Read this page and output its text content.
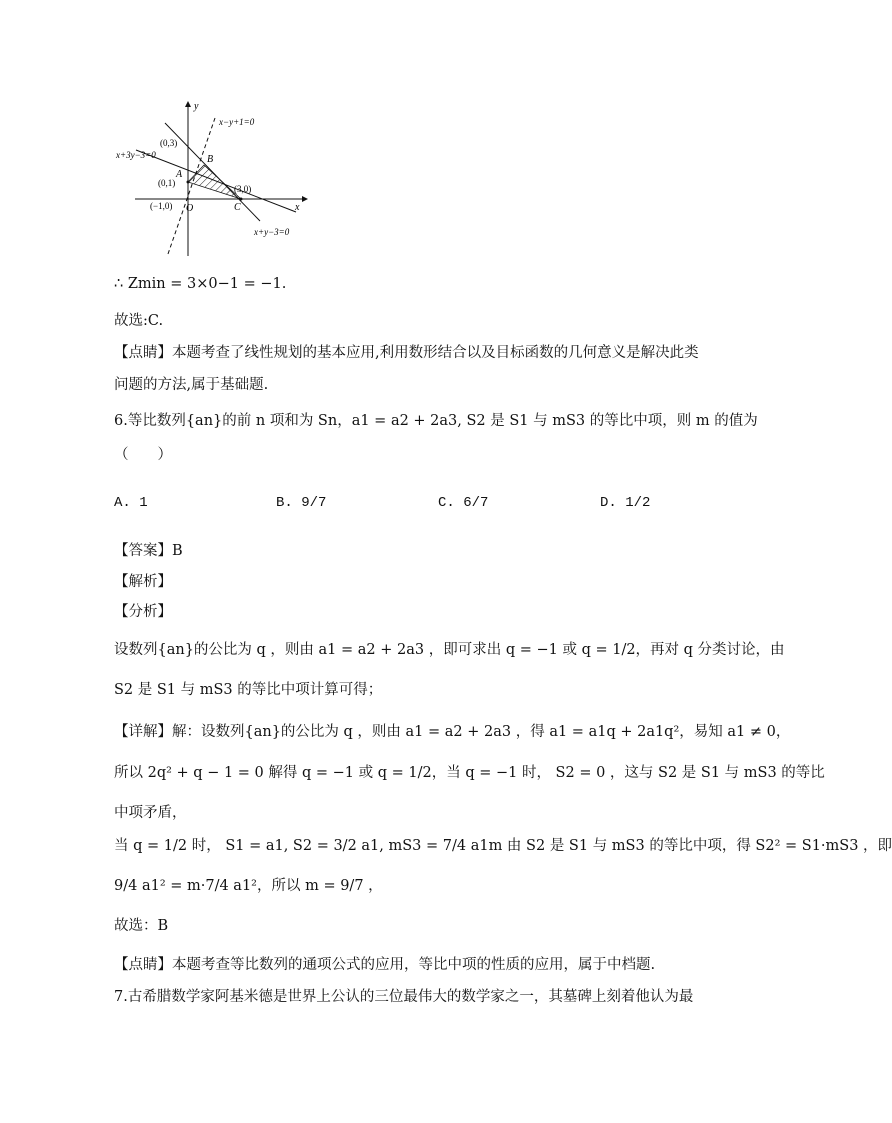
y
x
O
x−y+1=0
x+3y−3=0
x+y−3=0
(0,3)
(0,1)
(−1,0)
(3,0)
A
B
C
∴ Zmin = 3×0−1 = −1.
故选:C.
【点睛】本题考查了线性规划的基本应用,利用数形结合以及目标函数的几何意义是解决此类
问题的方法,属于基础题.
6.等比数列{an}的前 n 项和为 Sn，a1 = a2 + 2a3, S2 是 S1 与 mS3 的等比中项，则 m 的值为
（　　）
A. 1	B. 9/7	C. 6/7	D. 1/2
【答案】B
【解析】
【分析】
设数列{an}的公比为 q ，则由 a1 = a2 + 2a3 ，即可求出 q = −1 或 q = 1/2，再对 q 分类讨论，由
S2 是 S1 与 mS3 的等比中项计算可得；
【详解】解：设数列{an}的公比为 q ，则由 a1 = a2 + 2a3 ，得 a1 = a1q + 2a1q²，易知 a1 ≠ 0，
所以 2q² + q − 1 = 0 解得 q = −1 或 q = 1/2，当 q = −1 时， S2 = 0 ，这与 S2 是 S1 与 mS3 的等比
中项矛盾，
当 q = 1/2 时， S1 = a1, S2 = 3/2 a1, mS3 = 7/4 a1m 由 S2 是 S1 与 mS3 的等比中项，得 S2² = S1·mS3 ，即
9/4 a1² = m·7/4 a1²，所以 m = 9/7 ，
故选：B
【点睛】本题考查等比数列的通项公式的应用，等比中项的性质的应用，属于中档题.
7.古希腊数学家阿基米德是世界上公认的三位最伟大的数学家之一，其墓碑上刻着他认为最
